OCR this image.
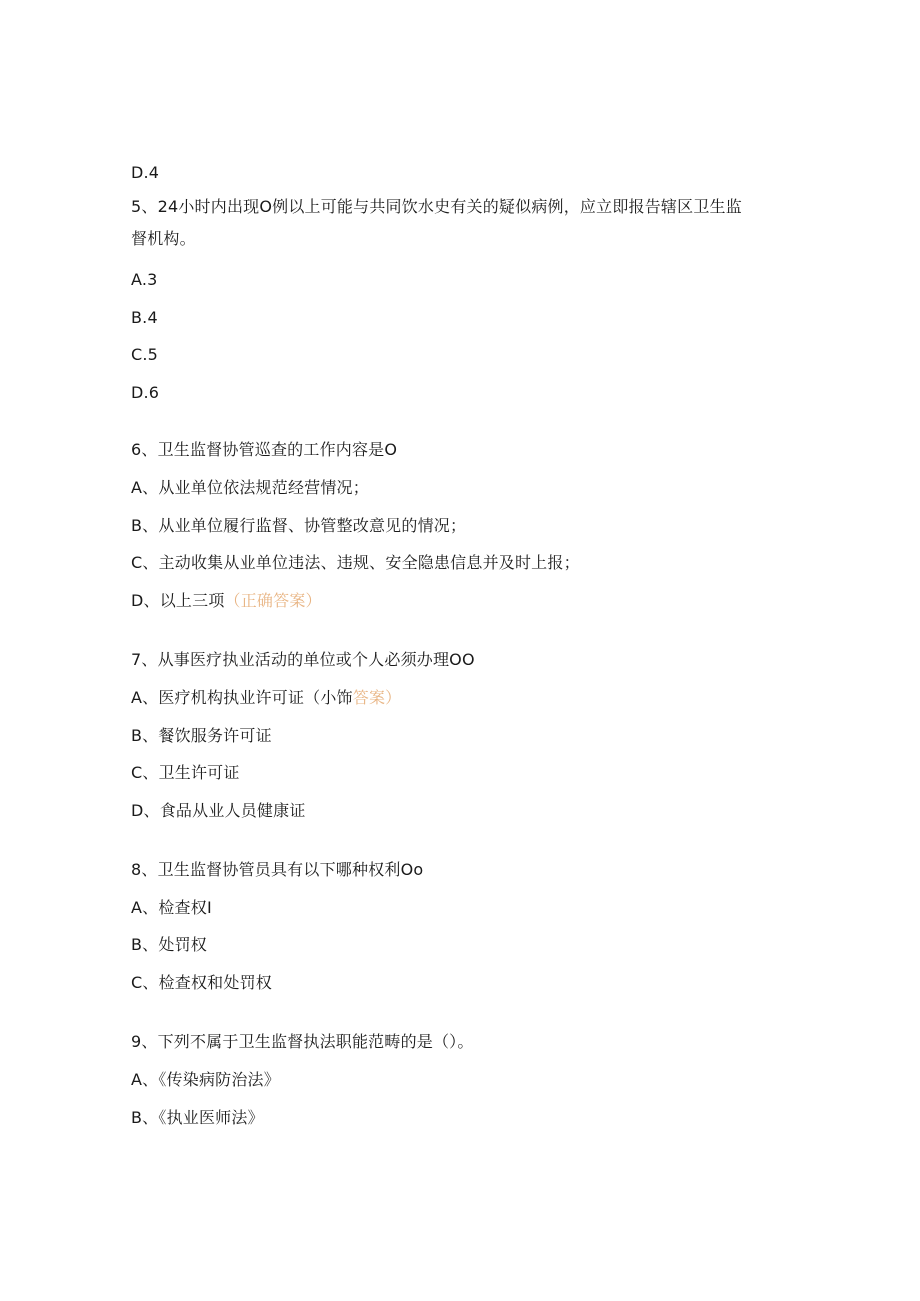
D.4
5、24小时内出现O例以上可能与共同饮水史有关的疑似病例，应立即报告辖区卫生监
督机构。
A.3
B.4
C.5
D.6
6、卫生监督协管巡查的工作内容是O
A、从业单位依法规范经营情况；
B、从业单位履行监督、协管整改意见的情况；
C、主动收集从业单位违法、违规、安全隐患信息并及时上报；
D、以上三项（正确答案）
7、从事医疗执业活动的单位或个人必须办理OO
A、医疗机构执业许可证（小饰答案）
B、餐饮服务许可证
C、卫生许可证
D、食品从业人员健康证
8、卫生监督协管员具有以下哪种权利Oo
A、检查权I
B、处罚权
C、检查权和处罚权
9、下列不属于卫生监督执法职能范畴的是（）。
A、《传染病防治法》
B、《执业医师法》
